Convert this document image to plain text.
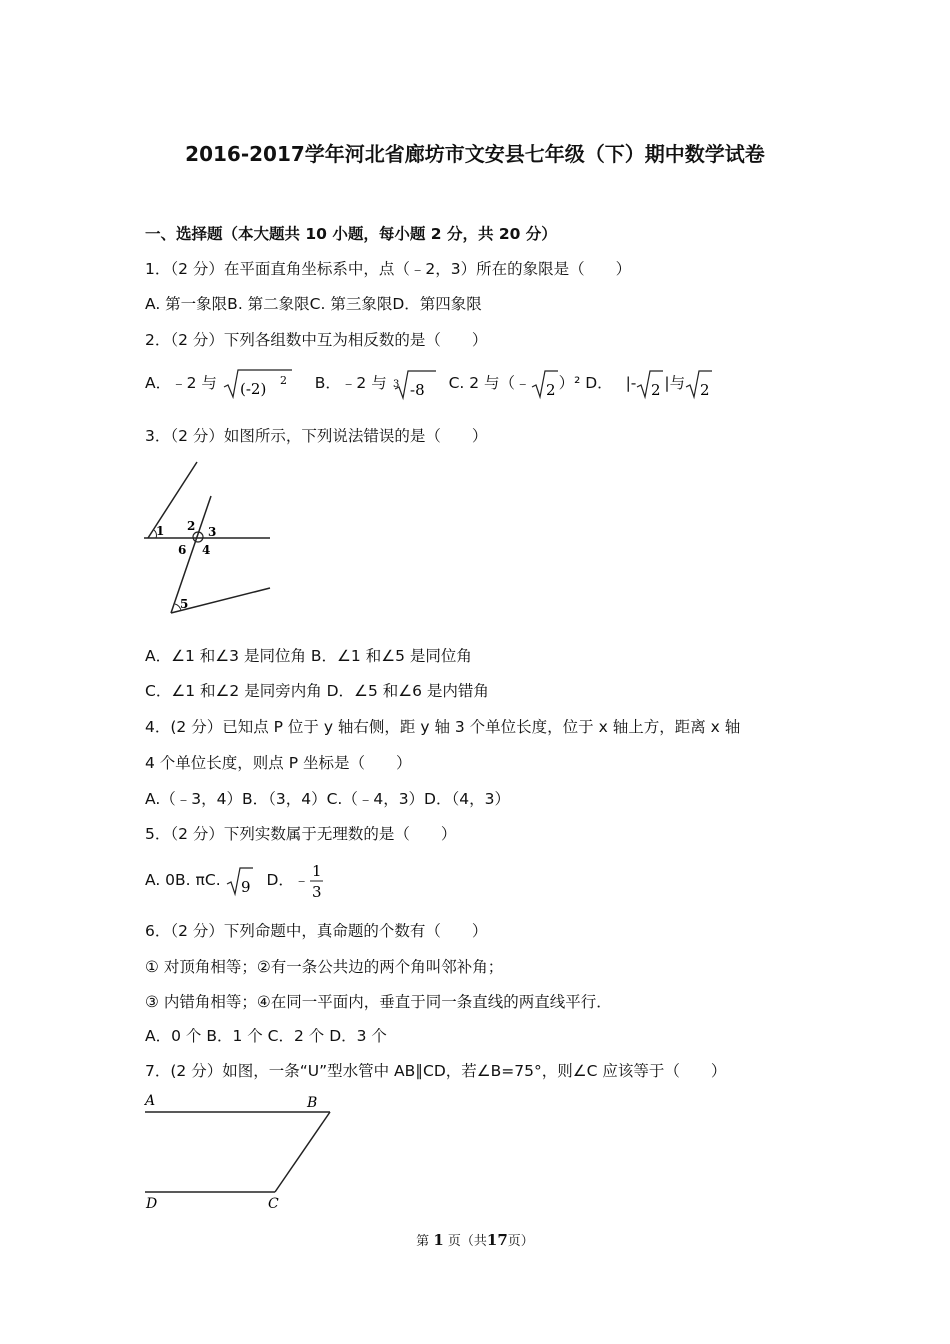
2016-2017学年河北省廊坊市文安县七年级（下）期中数学试卷
一、选择题（本大题共 10 小题，每小题 2 分，共 20 分）
1．（2 分）在平面直角坐标系中，点（﹣2，3）所在的象限是（　　）
A. 第一象限B. 第二象限C. 第三象限D．第四象限
2．（2 分）下列各组数中互为相反数的是（　　）
A．﹣2 与 (-2) 2 B．﹣2 与 3 -8 C. 2 与（﹣ 2 ）² D． |- 2 |与 2
3．（2 分）如图所示，下列说法错误的是（　　）
1 2 3
4
5
6
A．∠1 和∠3 是同位角 B．∠1 和∠5 是同位角
C．∠1 和∠2 是同旁内角 D．∠5 和∠6 是内错角
4．(2 分）已知点 P 位于 y 轴右侧，距 y 轴 3 个单位长度，位于 x 轴上方，距离 x 轴
4 个单位长度，则点 P 坐标是（　　）
A.（﹣3，4）B．（3，4）C.（﹣4，3）D．（4，3）
5．（2 分）下列实数属于无理数的是（　　）
A. 0B. πC. 9 D．﹣
1
3
6．（2 分）下列命题中，真命题的个数有（　　）
① 对顶角相等；②有一条公共边的两个角叫邻补角；
③ 内错角相等；④在同一平面内，垂直于同一条直线的两直线平行．
A．0 个 B．1 个 C．2 个 D．3 个
7．(2 分）如图，一条“U”型水管中 AB∥CD，若∠B=75°，则∠C 应该等于（　　）
A	B
C
D
第 1 页（共17页）
